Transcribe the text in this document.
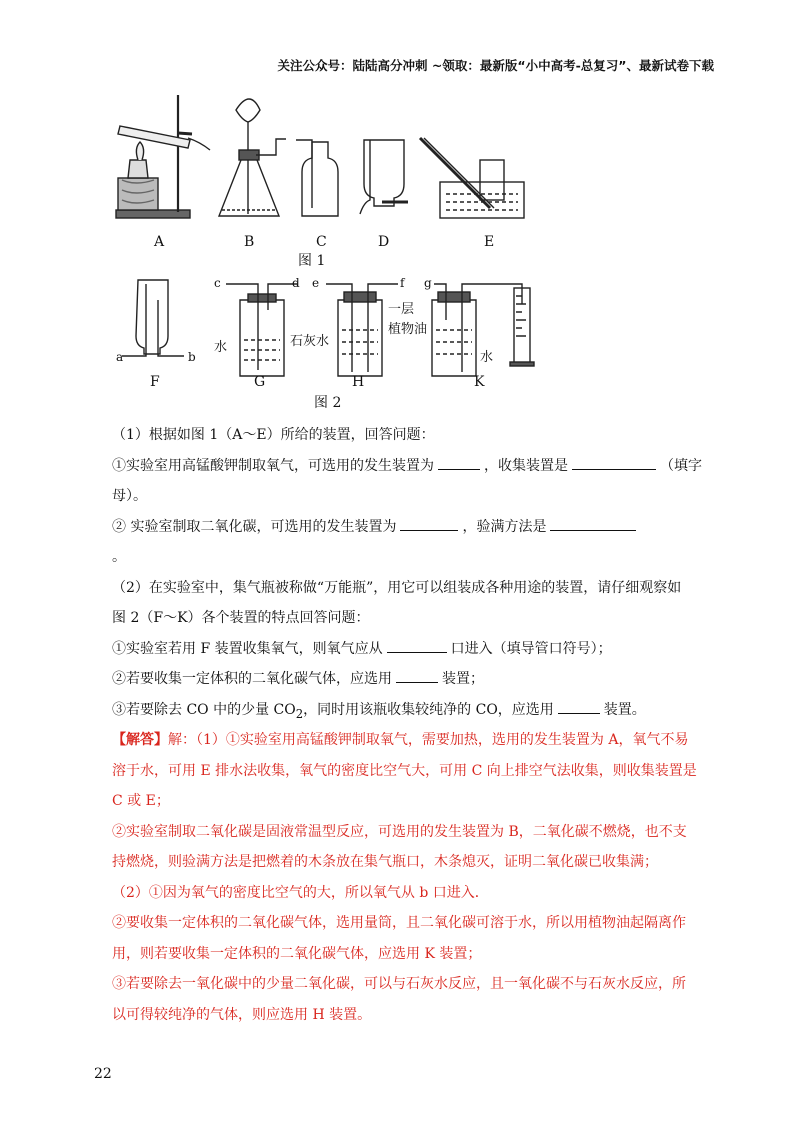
关注公众号：陆陆高分冲刺 ~领取：最新版“小中高考-总复习”、最新试卷下载
A	B	C	D	E
图 1
a	b
c	d e	f g
水	石灰水
一层
植物油
水
F	G	H	K
图 2
（1）根据如图 1（A～E）所给的装置，回答问题：
①实验室用高锰酸钾制取氧气，可选用的发生装置为	，收集装置是	（填字
母）。
② 实验室制取二氧化碳，可选用的发生装置为	，验满方法是
。
（2）在实验室中，集气瓶被称做“万能瓶”，用它可以组装成各种用途的装置，请仔细观察如
图 2（F～K）各个装置的特点回答问题：
①实验室若用 F 装置收集氧气，则氧气应从	口进入（填导管口符号）；
②若要收集一定体积的二氧化碳气体，应选用	装置；
③若要除去 CO 中的少量 $CO_2$，同时用该瓶收集较纯净的 CO，应选用	装置。
【解答】解：（1）①实验室用高锰酸钾制取氧气，需要加热，选用的发生装置为 A，氧气不易
溶于水，可用 E 排水法收集，氧气的密度比空气大，可用 C 向上排空气法收集，则收集装置是
C 或 E；
②实验室制取二氧化碳是固液常温型反应，可选用的发生装置为 B，二氧化碳不燃烧，也不支
持燃烧，则验满方法是把燃着的木条放在集气瓶口，木条熄灭，证明二氧化碳已收集满；
（2）①因为氧气的密度比空气的大，所以氧气从 b 口进入．
②要收集一定体积的二氧化碳气体，选用量筒，且二氧化碳可溶于水，所以用植物油起隔离作
用，则若要收集一定体积的二氧化碳气体，应选用 K 装置；
③若要除去一氧化碳中的少量二氧化碳，可以与石灰水反应，且一氧化碳不与石灰水反应，所
以可得较纯净的气体，则应选用 H 装置。
22
